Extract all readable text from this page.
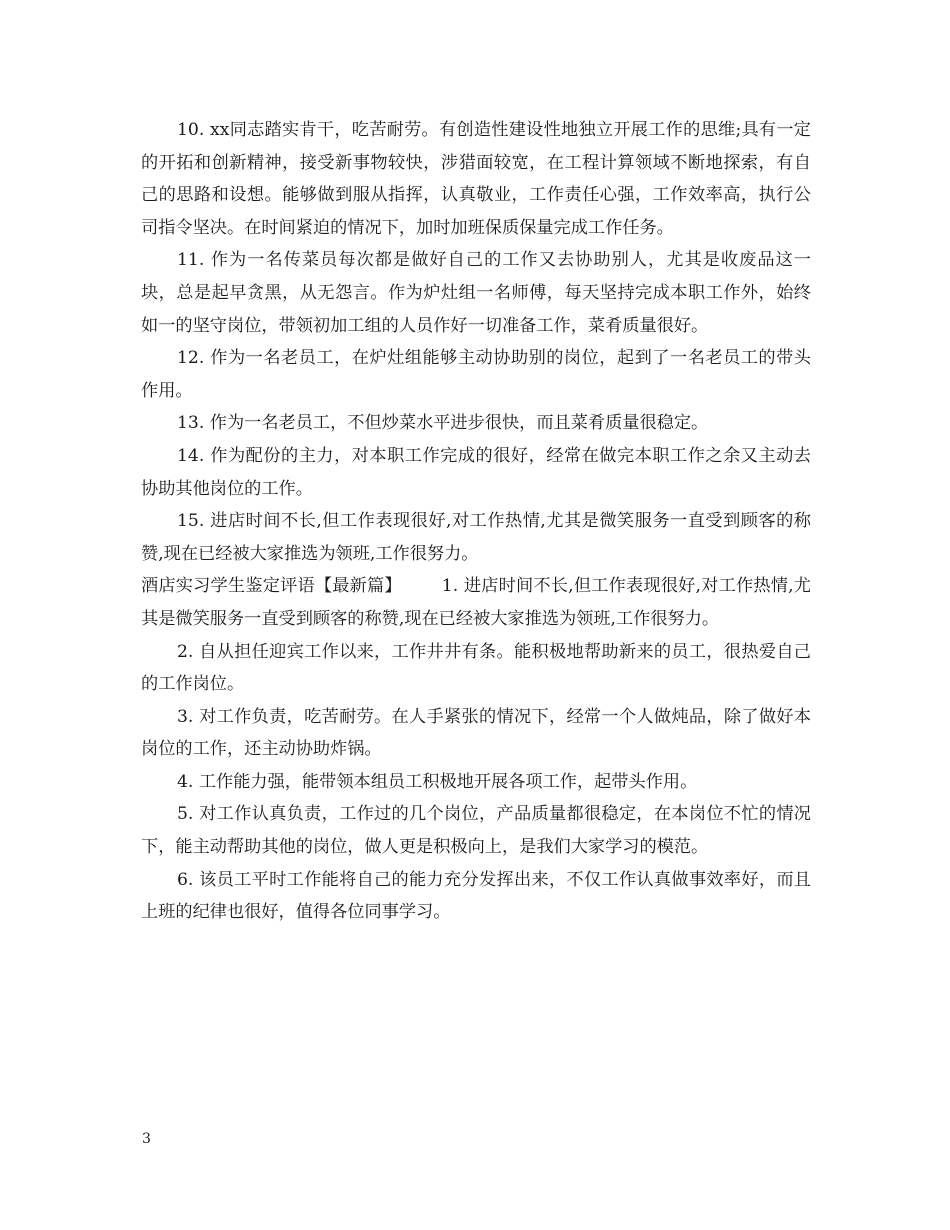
10. xx同志踏实肯干，吃苦耐劳。有创造性建设性地独立开展工作的思维;具有一定的开拓和创新精神，接受新事物较快，涉猎面较宽，在工程计算领域不断地探索，有自己的思路和设想。能够做到服从指挥，认真敬业，工作责任心强，工作效率高，执行公司指令坚决。在时间紧迫的情况下，加时加班保质保量完成工作任务。

11. 作为一名传菜员每次都是做好自己的工作又去协助别人，尤其是收废品这一块，总是起早贪黑，从无怨言。作为炉灶组一名师傅，每天坚持完成本职工作外，始终如一的坚守岗位，带领初加工组的人员作好一切准备工作，菜肴质量很好。

12. 作为一名老员工，在炉灶组能够主动协助别的岗位，起到了一名老员工的带头作用。

13. 作为一名老员工，不但炒菜水平进步很快，而且菜肴质量很稳定。

14. 作为配份的主力，对本职工作完成的很好，经常在做完本职工作之余又主动去协助其他岗位的工作。

15. 进店时间不长,但工作表现很好,对工作热情,尤其是微笑服务一直受到顾客的称赞,现在已经被大家推选为领班,工作很努力。

酒店实习学生鉴定评语【最新篇】 1. 进店时间不长,但工作表现很好,对工作热情,尤其是微笑服务一直受到顾客的称赞,现在已经被大家推选为领班,工作很努力。

2. 自从担任迎宾工作以来，工作井井有条。能积极地帮助新来的员工，很热爱自己的工作岗位。

3. 对工作负责，吃苦耐劳。在人手紧张的情况下，经常一个人做炖品，除了做好本岗位的工作，还主动协助炸锅。

4. 工作能力强，能带领本组员工积极地开展各项工作，起带头作用。

5. 对工作认真负责，工作过的几个岗位，产品质量都很稳定，在本岗位不忙的情况下，能主动帮助其他的岗位，做人更是积极向上，是我们大家学习的模范。

6. 该员工平时工作能将自己的能力充分发挥出来，不仅工作认真做事效率好，而且上班的纪律也很好，值得各位同事学习。

3
